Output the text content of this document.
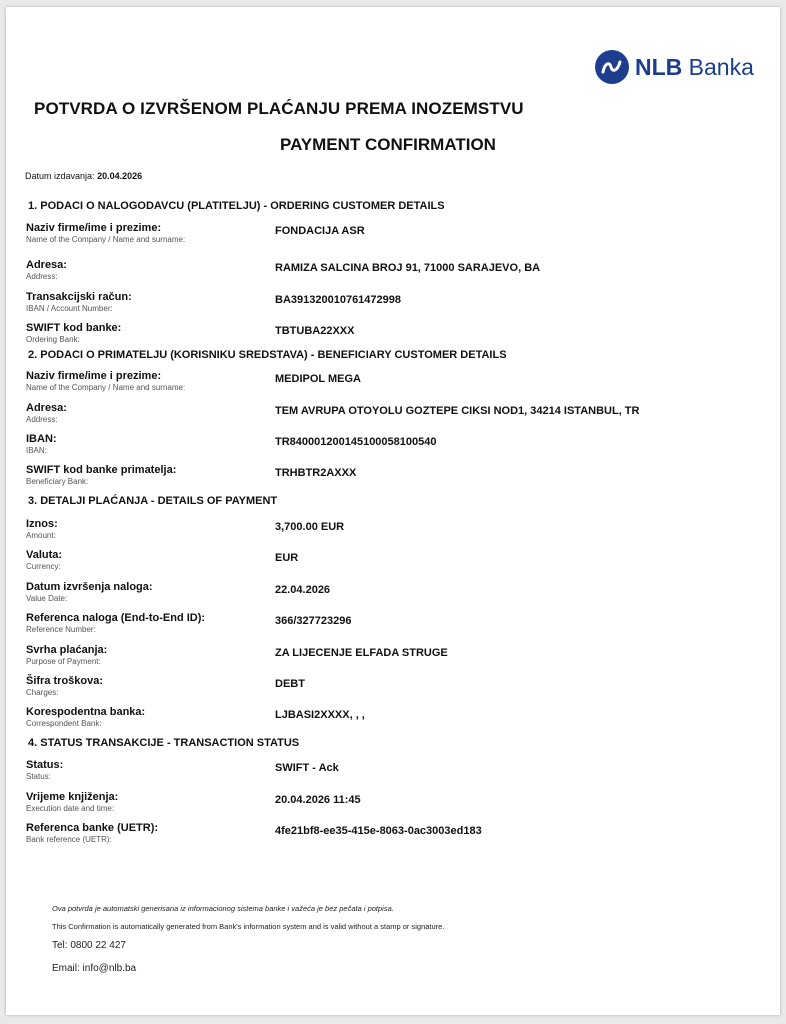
NLB Banka
POTVRDA O IZVRŠENOM PLAĆANJU PREMA INOZEMSTVU
PAYMENT CONFIRMATION
Datum izdavanja: 20.04.2026
1. PODACI O NALOGODAVCU (PLATITELJU) - ORDERING CUSTOMER DETAILS
Naziv firme/ime i prezime:
Name of the Company / Name and surname:
FONDACIJA ASR
Adresa:
Address:
RAMIZA SALCINA BROJ 91, 71000 SARAJEVO, BA
Transakcijski račun:
IBAN / Account Number:
BA391320010761472998
SWIFT kod banke:
Ordering Bank:
TBTUBA22XXX
2. PODACI O PRIMATELJU (KORISNIKU SREDSTAVA) - BENEFICIARY CUSTOMER DETAILS
Naziv firme/ime i prezime:
Name of the Company / Name and surname:
MEDIPOL MEGA
Adresa:
Address:
TEM AVRUPA OTOYOLU GOZTEPE CIKSI NOD1, 34214 ISTANBUL, TR
IBAN:
IBAN:
TR840001200145100058100540
SWIFT kod banke primatelja:
Beneficiary Bank:
TRHBTR2AXXX
3. DETALJI PLAĆANJA - DETAILS OF PAYMENT
Iznos:
Amount:
3,700.00 EUR
Valuta:
Currency:
EUR
Datum izvršenja naloga:
Value Date:
22.04.2026
Referenca naloga (End-to-End ID):
Reference Number:
366/327723296
Svrha plaćanja:
Purpose of Payment:
ZA LIJECENJE ELFADA STRUGE
Šifra troškova:
Charges:
DEBT
Korespodentna banka:
Correspondent Bank:
LJBASI2XXXX, , ,
4. STATUS TRANSAKCIJE - TRANSACTION STATUS
Status:
Status:
SWIFT - Ack
Vrijeme knjiženja:
Execution date and time:
20.04.2026 11:45
Referenca banke (UETR):
Bank reference (UETR):
4fe21bf8-ee35-415e-8063-0ac3003ed183
Ova potvrda je automatski generisana iz informacionog sistema banke i važeća je bez pečata i potpisa.
This Confirmation is automatically generated from Bank's information system and is valid without a stamp or signature.
Tel: 0800 22 427
Email: info@nlb.ba
